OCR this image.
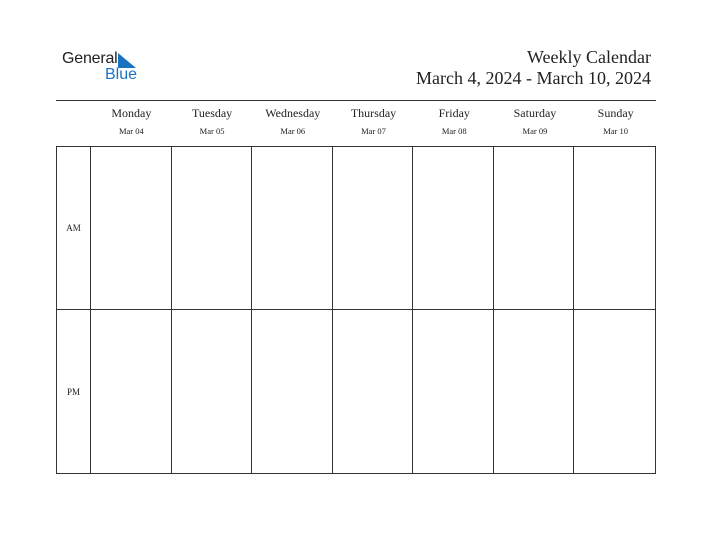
General
Blue
Weekly Calendar
March 4, 2024 - March 10, 2024
Monday
Mar 04
Tuesday
Mar 05
Wednesday
Mar 06
Thursday
Mar 07
Friday
Mar 08
Saturday
Mar 09
Sunday
Mar 10
AM
PM
